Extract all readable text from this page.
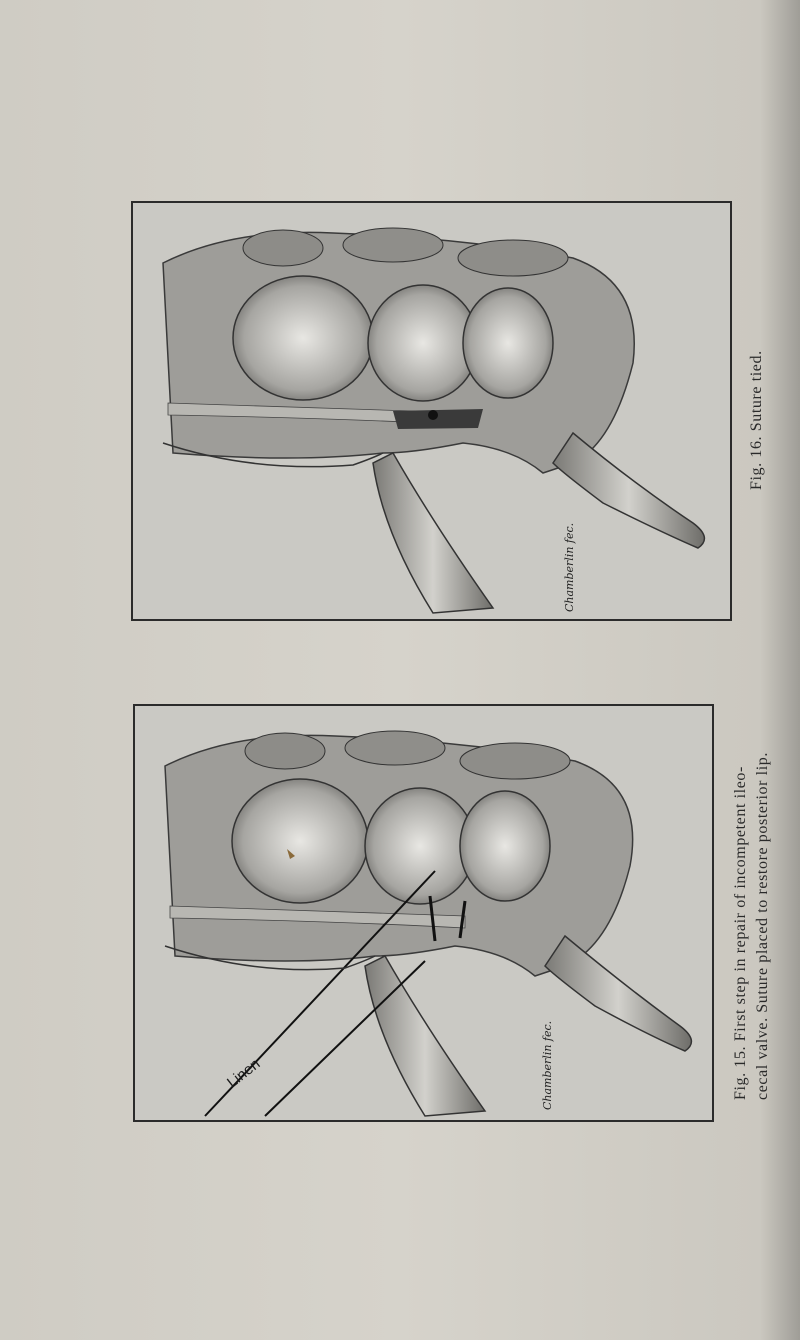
Chamberlin fec.
Fig. 16. Suture tied.
Linen	Chamberlin fec.	Fig. 15. First step in repair of incompetent ileo- cecal valve. Suture placed to restore posterior lip.
